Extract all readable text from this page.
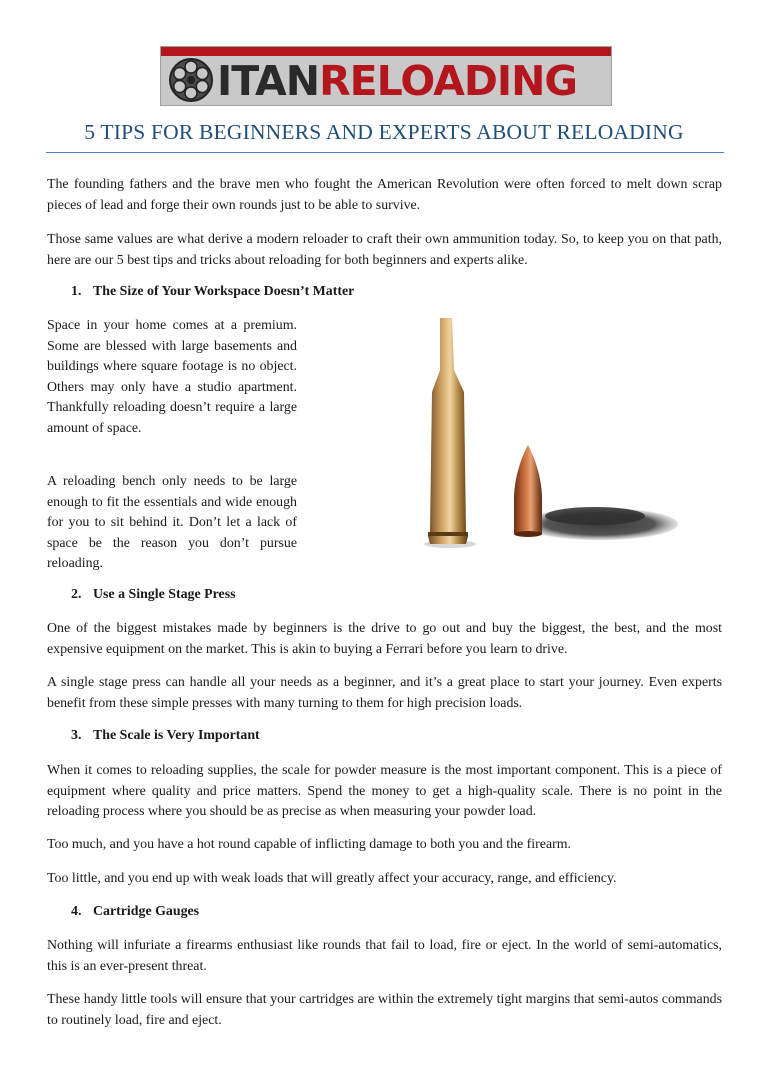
ITANRELOADING
5 TIPS FOR BEGINNERS AND EXPERTS ABOUT RELOADING

The founding fathers and the brave men who fought the American Revolution were often forced to melt down scrap pieces of lead and forge their own rounds just to be able to survive.

Those same values are what derive a modern reloader to craft their own ammunition today. So, to keep you on that path, here are our 5 best tips and tricks about reloading for both beginners and experts alike.

1. The Size of Your Workspace Doesn’t Matter

Space in your home comes at a premium. Some are blessed with large basements and buildings where square footage is no object. Others may only have a studio apartment. Thankfully reloading doesn’t require a large amount of space.

A reloading bench only needs to be large enough to fit the essentials and wide enough for you to sit behind it. Don’t let a lack of space be the reason you don’t pursue reloading.

2. Use a Single Stage Press

One of the biggest mistakes made by beginners is the drive to go out and buy the biggest, the best, and the most expensive equipment on the market. This is akin to buying a Ferrari before you learn to drive.

A single stage press can handle all your needs as a beginner, and it’s a great place to start your journey. Even experts benefit from these simple presses with many turning to them for high precision loads.

3. The Scale is Very Important

When it comes to reloading supplies, the scale for powder measure is the most important component. This is a piece of equipment where quality and price matters. Spend the money to get a high-quality scale. There is no point in the reloading process where you should be as precise as when measuring your powder load.

Too much, and you have a hot round capable of inflicting damage to both you and the firearm.

Too little, and you end up with weak loads that will greatly affect your accuracy, range, and efficiency.

4. Cartridge Gauges

Nothing will infuriate a firearms enthusiast like rounds that fail to load, fire or eject. In the world of semi-automatics, this is an ever-present threat.

These handy little tools will ensure that your cartridges are within the extremely tight margins that semi-autos commands to routinely load, fire and eject.
